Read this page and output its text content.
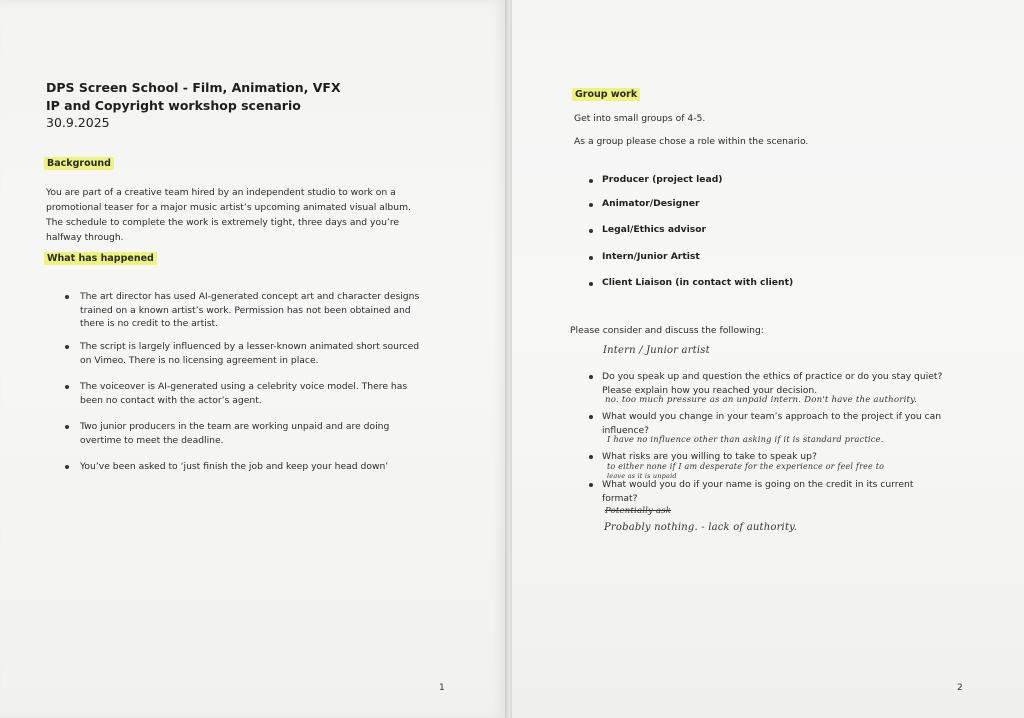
DPS Screen School - Film, Animation, VFX
IP and Copyright workshop scenario
30.9.2025
Background
You are part of a creative team hired by an independent studio to work on a
promotional teaser for a major music artist’s upcoming animated visual album.
The schedule to complete the work is extremely tight, three days and you’re
halfway through.
What has happened
The art director has used AI-generated concept art and character designs
trained on a known artist’s work. Permission has not been obtained and
there is no credit to the artist.
The script is largely influenced by a lesser-known animated short sourced
on Vimeo. There is no licensing agreement in place.
The voiceover is AI-generated using a celebrity voice model. There has
been no contact with the actor’s agent.
Two junior producers in the team are working unpaid and are doing
overtime to meet the deadline.
You’ve been asked to ‘just finish the job and keep your head down’
1
Group work
Get into small groups of 4-5.
As a group please chose a role within the scenario.
Producer (project lead)
Animator/Designer
Legal/Ethics advisor
Intern/Junior Artist
Client Liaison (in contact with client)
Please consider and discuss the following:
Intern / Junior artist
Do you speak up and question the ethics of practice or do you stay quiet?
Please explain how you reached your decision.
no. too much pressure as an unpaid intern. Don't have the authority.
What would you change in your team’s approach to the project if you can
influence?
I have no influence other than asking if it is standard practice.
What risks are you willing to take to speak up?
to either none if I am desperate for the experience or feel free to
leave as it is unpaid
What would you do if your name is going on the credit in its current
format?
Potentially ask
Probably nothing. - lack of authority.
2
